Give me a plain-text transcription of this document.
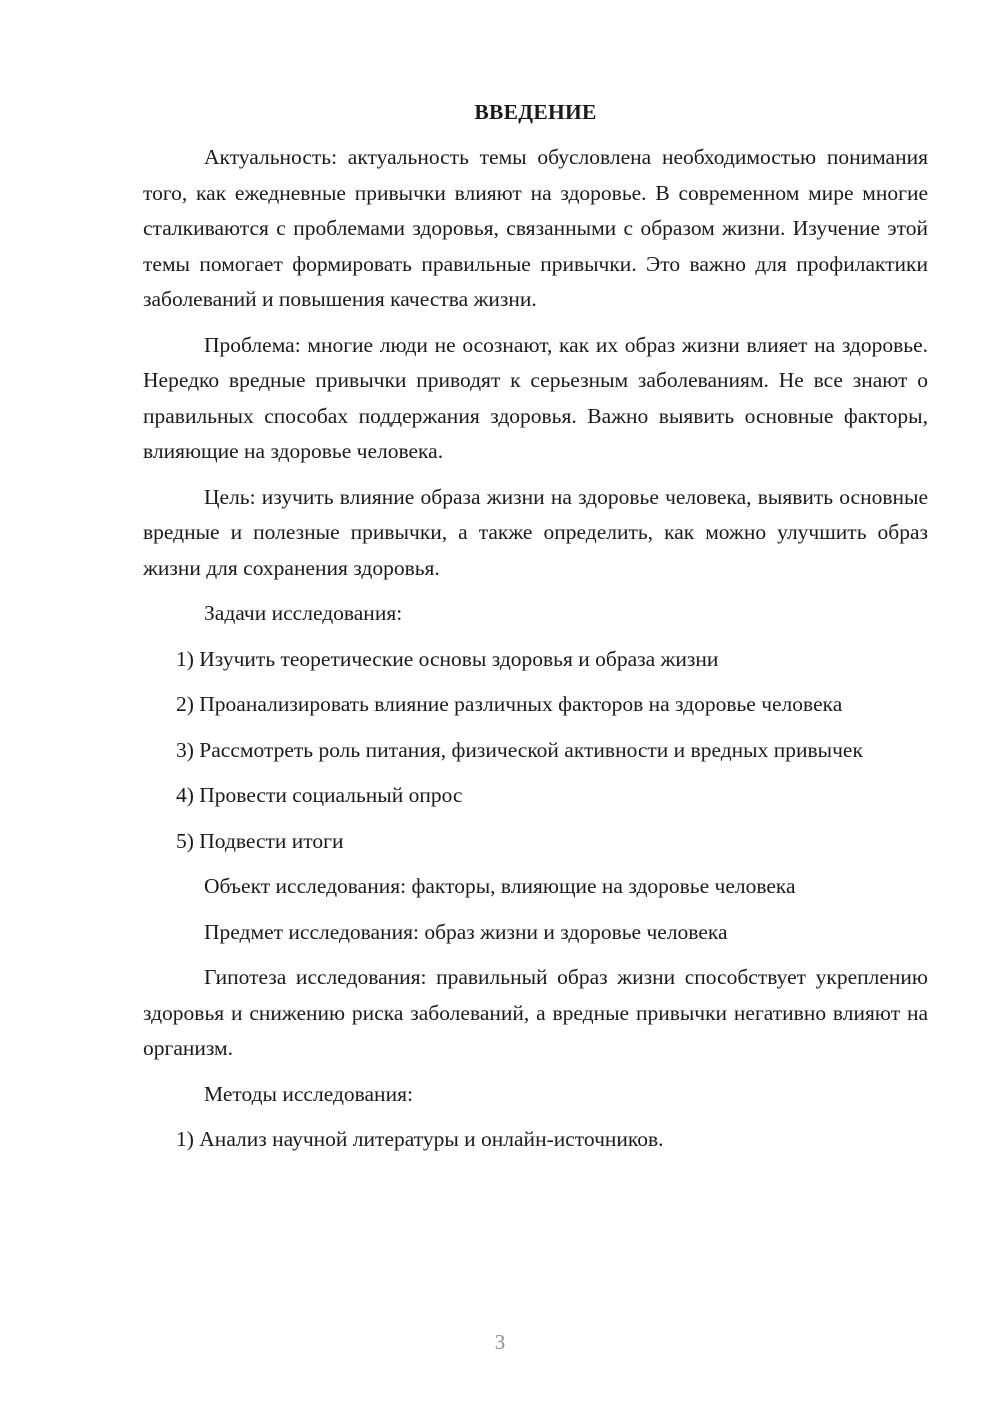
ВВЕДЕНИЕ

Актуальность: актуальность темы обусловлена необходимостью понимания того, как ежедневные привычки влияют на здоровье. В современном мире многие сталкиваются с проблемами здоровья, связанными с образом жизни. Изучение этой темы помогает формировать правильные привычки. Это важно для профилактики заболеваний и повышения качества жизни.

Проблема: многие люди не осознают, как их образ жизни влияет на здоровье. Нередко вредные привычки приводят к серьезным заболеваниям. Не все знают о правильных способах поддержания здоровья. Важно выявить основные факторы, влияющие на здоровье человека.

Цель: изучить влияние образа жизни на здоровье человека, выявить основные вредные и полезные привычки, а также определить, как можно улучшить образ жизни для сохранения здоровья.

Задачи исследования:

1) Изучить теоретические основы здоровья и образа жизни

2) Проанализировать влияние различных факторов на здоровье человека

3) Рассмотреть роль питания, физической активности и вредных привычек

4) Провести социальный опрос

5) Подвести итоги

Объект исследования: факторы, влияющие на здоровье человека

Предмет исследования: образ жизни и здоровье человека

Гипотеза исследования: правильный образ жизни способствует укреплению здоровья и снижению риска заболеваний, а вредные привычки негативно влияют на организм.

Методы исследования:

1) Анализ научной литературы и онлайн-источников.

3
